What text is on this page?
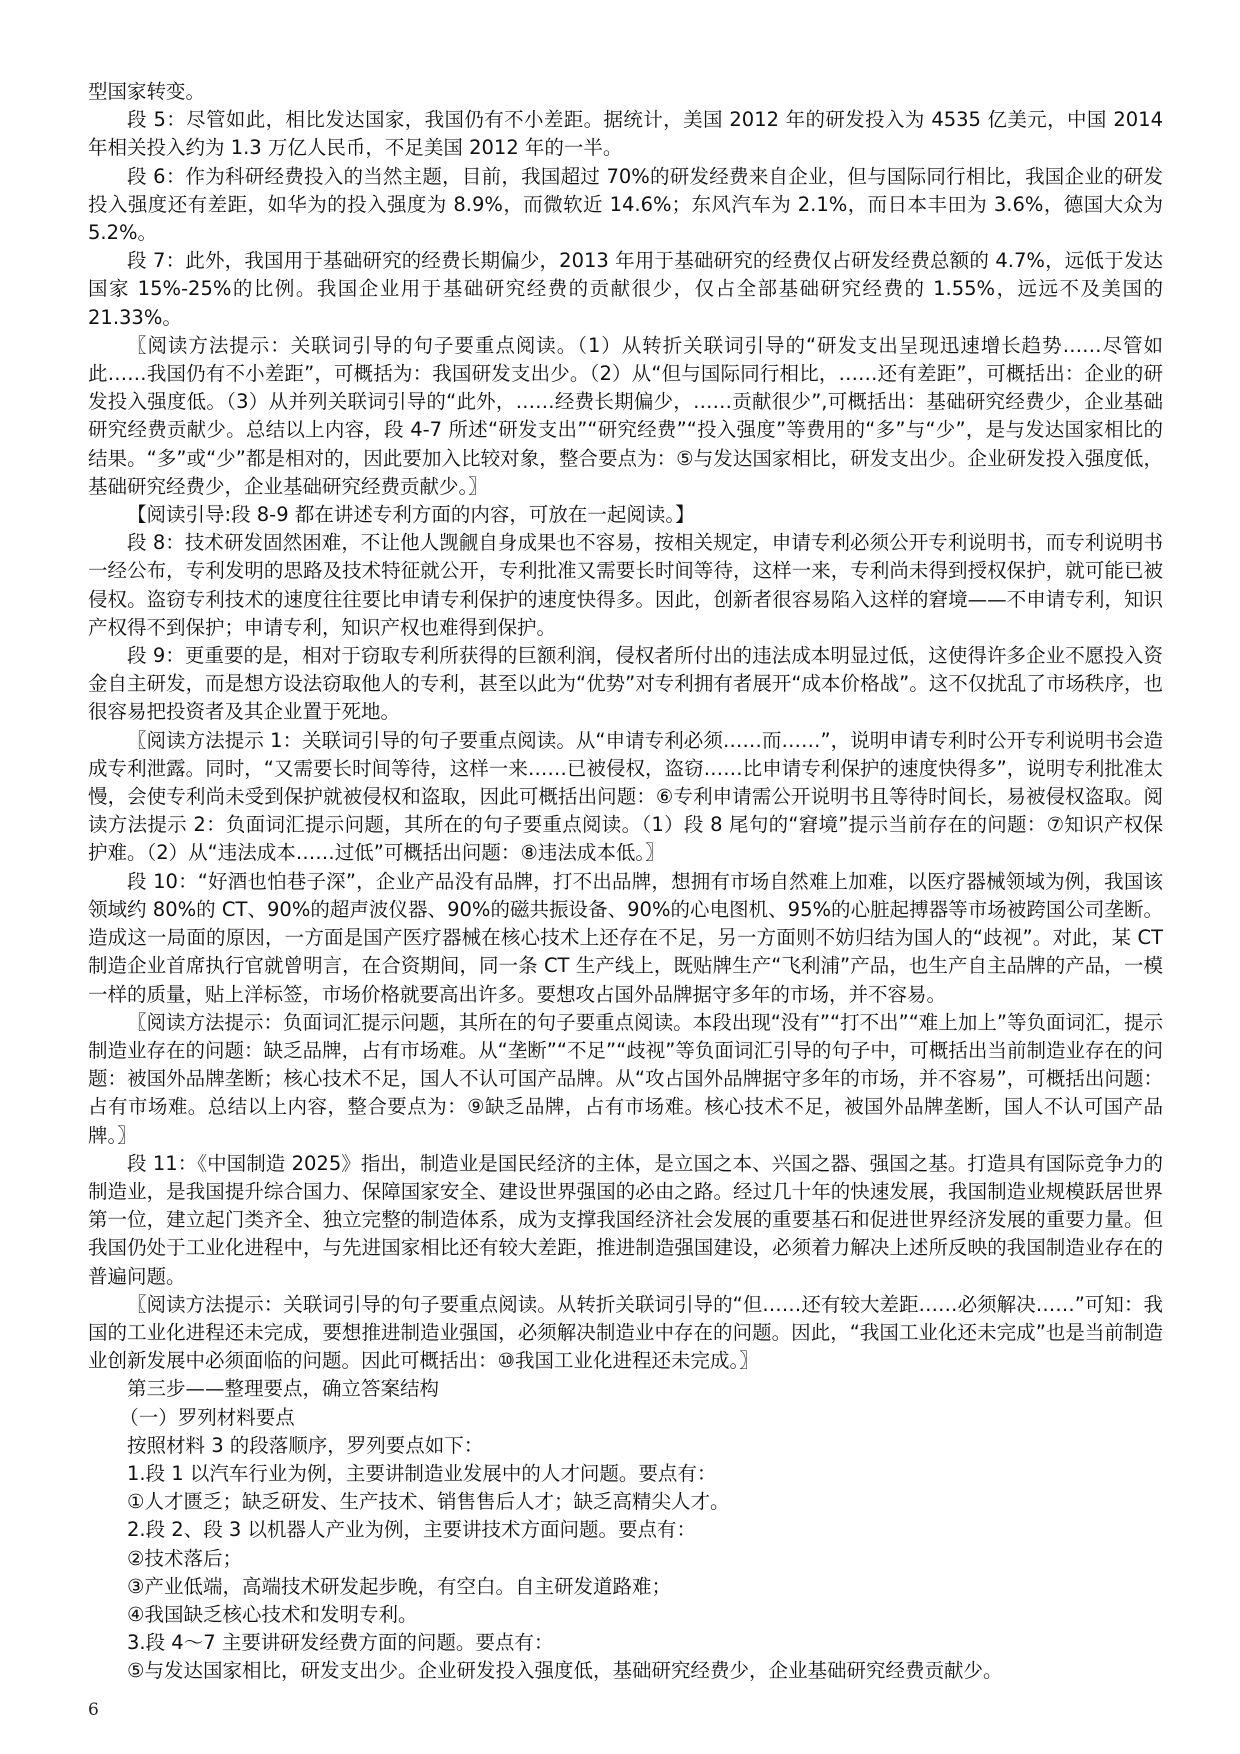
型国家转变。

段 5：尽管如此，相比发达国家，我国仍有不小差距。据统计，美国 2012 年的研发投入为 4535 亿美元，中国 2014 年相关投入约为 1.3 万亿人民币，不足美国 2012 年的一半。

段 6：作为科研经费投入的当然主题，目前，我国超过 70%的研发经费来自企业，但与国际同行相比，我国企业的研发投入强度还有差距，如华为的投入强度为 8.9%，而微软近 14.6%；东风汽车为 2.1%，而日本丰田为 3.6%，德国大众为 5.2%。

段 7：此外，我国用于基础研究的经费长期偏少，2013 年用于基础研究的经费仅占研发经费总额的 4.7%，远低于发达国家 15%-25%的比例。我国企业用于基础研究经费的贡献很少，仅占全部基础研究经费的 1.55%，远远不及美国的 21.33%。

〖阅读方法提示：关联词引导的句子要重点阅读。（1）从转折关联词引导的“研发支出呈现迅速增长趋势……尽管如此……我国仍有不小差距”，可概括为：我国研发支出少。（2）从“但与国际同行相比，……还有差距”，可概括出：企业的研发投入强度低。（3）从并列关联词引导的“此外，……经费长期偏少，……贡献很少”,可概括出：基础研究经费少，企业基础研究经费贡献少。总结以上内容，段 4-7 所述“研发支出”“研究经费”“投入强度”等费用的“多”与“少”，是与发达国家相比的结果。“多”或“少”都是相对的，因此要加入比较对象，整合要点为：⑤与发达国家相比，研发支出少。企业研发投入强度低，基础研究经费少，企业基础研究经费贡献少。〗

【阅读引导:段 8-9 都在讲述专利方面的内容，可放在一起阅读。】

段 8：技术研发固然困难，不让他人觊觎自身成果也不容易，按相关规定，申请专利必须公开专利说明书，而专利说明书一经公布，专利发明的思路及技术特征就公开，专利批准又需要长时间等待，这样一来，专利尚未得到授权保护，就可能已被侵权。盗窃专利技术的速度往往要比申请专利保护的速度快得多。因此，创新者很容易陷入这样的窘境——不申请专利，知识产权得不到保护；申请专利，知识产权也难得到保护。

段 9：更重要的是，相对于窃取专利所获得的巨额利润，侵权者所付出的违法成本明显过低，这使得许多企业不愿投入资金自主研发，而是想方设法窃取他人的专利，甚至以此为“优势”对专利拥有者展开“成本价格战”。这不仅扰乱了市场秩序，也很容易把投资者及其企业置于死地。

〖阅读方法提示 1：关联词引导的句子要重点阅读。从“申请专利必须……而……”，说明申请专利时公开专利说明书会造成专利泄露。同时，“又需要长时间等待，这样一来……已被侵权，盗窃……比申请专利保护的速度快得多”，说明专利批准太慢，会使专利尚未受到保护就被侵权和盗取，因此可概括出问题：⑥专利申请需公开说明书且等待时间长，易被侵权盗取。阅读方法提示 2：负面词汇提示问题，其所在的句子要重点阅读。（1）段 8 尾句的“窘境”提示当前存在的问题：⑦知识产权保护难。（2）从“违法成本……过低”可概括出问题：⑧违法成本低。〗

段 10：“好酒也怕巷子深”，企业产品没有品牌，打不出品牌，想拥有市场自然难上加难，以医疗器械领域为例，我国该领域约 80%的 CT、90%的超声波仪器、90%的磁共振设备、90%的心电图机、95%的心脏起搏器等市场被跨国公司垄断。造成这一局面的原因，一方面是国产医疗器械在核心技术上还存在不足，另一方面则不妨归结为国人的“歧视”。对此，某 CT 制造企业首席执行官就曾明言，在合资期间，同一条 CT 生产线上，既贴牌生产“飞利浦”产品，也生产自主品牌的产品，一模一样的质量，贴上洋标签，市场价格就要高出许多。要想攻占国外品牌据守多年的市场，并不容易。

〖阅读方法提示：负面词汇提示问题，其所在的句子要重点阅读。本段出现“没有”“打不出”“难上加上”等负面词汇，提示制造业存在的问题：缺乏品牌，占有市场难。从“垄断”“不足”“歧视”等负面词汇引导的句子中，可概括出当前制造业存在的问题：被国外品牌垄断；核心技术不足，国人不认可国产品牌。从“攻占国外品牌据守多年的市场，并不容易”，可概括出问题：占有市场难。总结以上内容，整合要点为：⑨缺乏品牌，占有市场难。核心技术不足，被国外品牌垄断，国人不认可国产品牌。〗

段 11：《中国制造 2025》指出，制造业是国民经济的主体，是立国之本、兴国之器、强国之基。打造具有国际竞争力的制造业，是我国提升综合国力、保障国家安全、建设世界强国的必由之路。经过几十年的快速发展，我国制造业规模跃居世界第一位，建立起门类齐全、独立完整的制造体系，成为支撑我国经济社会发展的重要基石和促进世界经济发展的重要力量。但我国仍处于工业化进程中，与先进国家相比还有较大差距，推进制造强国建设，必须着力解决上述所反映的我国制造业存在的普遍问题。

〖阅读方法提示：关联词引导的句子要重点阅读。从转折关联词引导的“但……还有较大差距……必须解决……”可知：我国的工业化进程还未完成，要想推进制造业强国，必须解决制造业中存在的问题。因此，“我国工业化还未完成”也是当前制造业创新发展中必须面临的问题。因此可概括出：⑩我国工业化进程还未完成。〗

第三步——整理要点，确立答案结构

（一）罗列材料要点

按照材料 3 的段落顺序，罗列要点如下：

1.段 1 以汽车行业为例，主要讲制造业发展中的人才问题。要点有：

①人才匮乏；缺乏研发、生产技术、销售售后人才；缺乏高精尖人才。

2.段 2、段 3 以机器人产业为例，主要讲技术方面问题。要点有：

②技术落后；

③产业低端，高端技术研发起步晚，有空白。自主研发道路难；

④我国缺乏核心技术和发明专利。

3.段 4～7 主要讲研发经费方面的问题。要点有：

⑤与发达国家相比，研发支出少。企业研发投入强度低，基础研究经费少，企业基础研究经费贡献少。

6
